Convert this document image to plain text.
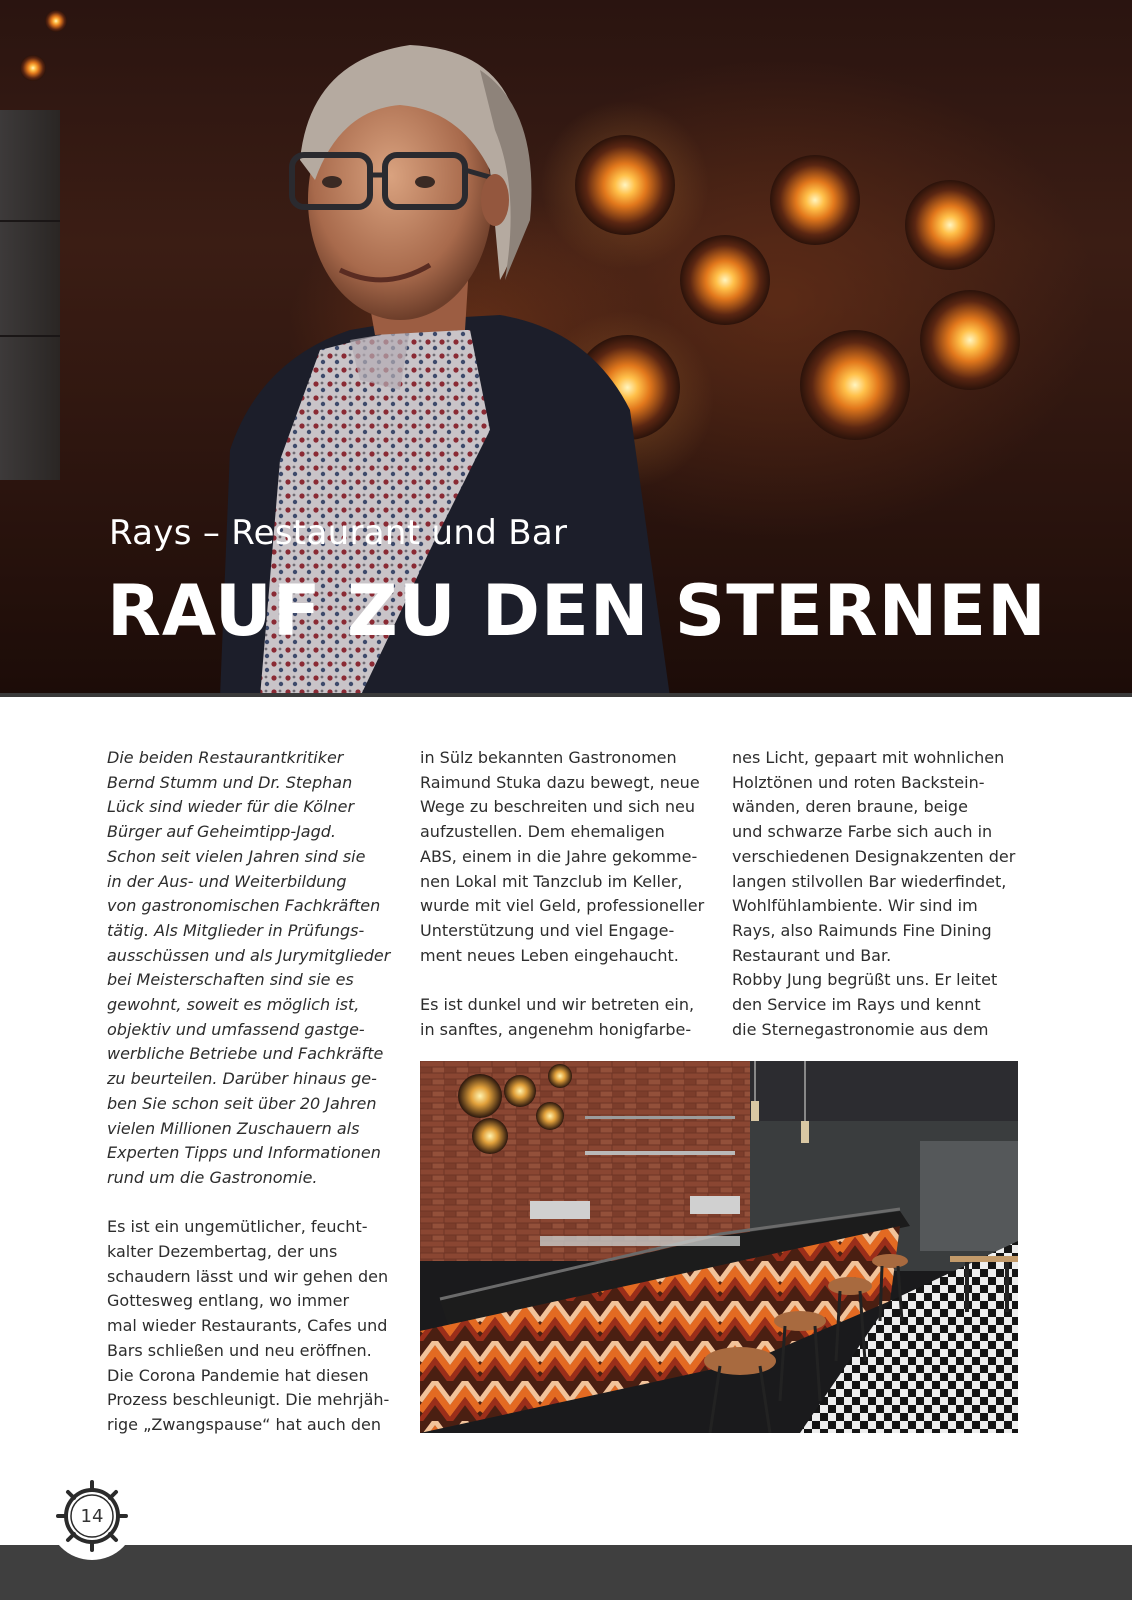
Rays – Restaurant und Bar
RAUF ZU DEN STERNEN

Die beiden Restaurantkritiker
Bernd Stumm und Dr. Stephan
Lück sind wieder für die Kölner
Bürger auf Geheimtipp-Jagd.
Schon seit vielen Jahren sind sie
in der Aus- und Weiterbildung
von gastronomischen Fachkräften
tätig. Als Mitglieder in Prüfungs-
ausschüssen und als Jurymitglieder
bei Meisterschaften sind sie es
gewohnt, soweit es möglich ist,
objektiv und umfassend gastge-
werbliche Betriebe und Fachkräfte
zu beurteilen. Darüber hinaus ge-
ben Sie schon seit über 20 Jahren
vielen Millionen Zuschauern als
Experten Tipps und Informationen
rund um die Gastronomie.

Es ist ein ungemütlicher, feucht-
kalter Dezembertag, der uns
schaudern lässt und wir gehen den
Gottesweg entlang, wo immer
mal wieder Restaurants, Cafes und
Bars schließen und neu eröffnen.
Die Corona Pandemie hat diesen
Prozess beschleunigt. Die mehrjäh-
rige „Zwangspause“ hat auch den

in Sülz bekannten Gastronomen
Raimund Stuka dazu bewegt, neue
Wege zu beschreiten und sich neu
aufzustellen. Dem ehemaligen
ABS, einem in die Jahre gekomme-
nen Lokal mit Tanzclub im Keller,
wurde mit viel Geld, professioneller
Unterstützung und viel Engage-
ment neues Leben eingehaucht.

Es ist dunkel und wir betreten ein,
in sanftes, angenehm honigfarbe-

nes Licht, gepaart mit wohnlichen
Holztönen und roten Backstein-
wänden, deren braune, beige
und schwarze Farbe sich auch in
verschiedenen Designakzenten der
langen stilvollen Bar wiederfindet,
Wohlfühlambiente. Wir sind im
Rays, also Raimunds Fine Dining
Restaurant und Bar.
Robby Jung begrüßt uns. Er leitet
den Service im Rays und kennt
die Sternegastronomie aus dem

14
